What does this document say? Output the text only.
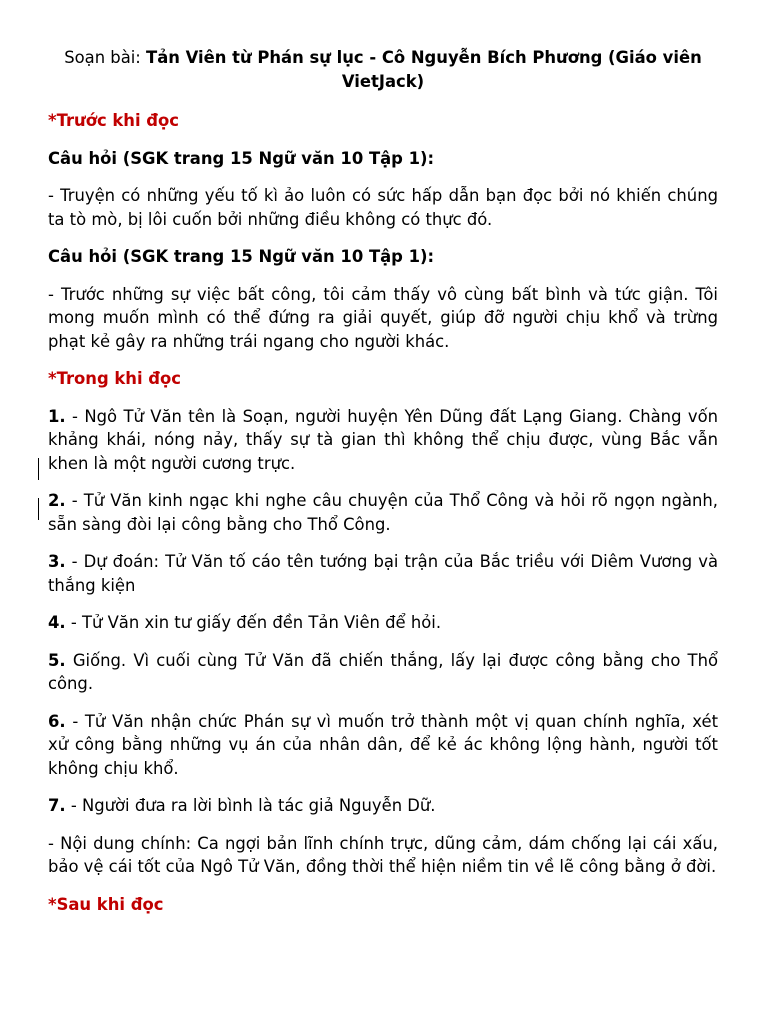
Soạn bài: Tản Viên từ Phán sự lục - Cô Nguyễn Bích Phương (Giáo viên VietJack)
*Trước khi đọc
Câu hỏi (SGK trang 15 Ngữ văn 10 Tập 1):

- Truyện có những yếu tố kì ảo luôn có sức hấp dẫn bạn đọc bởi nó khiến chúng ta tò mò, bị lôi cuốn bởi những điều không có thực đó.

Câu hỏi (SGK trang 15 Ngữ văn 10 Tập 1):

- Trước những sự việc bất công, tôi cảm thấy vô cùng bất bình và tức giận. Tôi mong muốn mình có thể đứng ra giải quyết, giúp đỡ người chịu khổ và trừng phạt kẻ gây ra những trái ngang cho người khác.

*Trong khi đọc

1. - Ngô Tử Văn tên là Soạn, người huyện Yên Dũng đất Lạng Giang. Chàng vốn khảng khái, nóng nảy, thấy sự tà gian thì không thể chịu được, vùng Bắc vẫn khen là một người cương trực.

2. - Tử Văn kinh ngạc khi nghe câu chuyện của Thổ Công và hỏi rõ ngọn ngành, sẵn sàng đòi lại công bằng cho Thổ Công.

3. - Dự đoán: Tử Văn tố cáo tên tướng bại trận của Bắc triều với Diêm Vương và thắng kiện

4. - Tử Văn xin tư giấy đến đền Tản Viên để hỏi.

5. Giống. Vì cuối cùng Tử Văn đã chiến thắng, lấy lại được công bằng cho Thổ công.

6. - Tử Văn nhận chức Phán sự vì muốn trở thành một vị quan chính nghĩa, xét xử công bằng những vụ án của nhân dân, để kẻ ác không lộng hành, người tốt không chịu khổ.

7. - Người đưa ra lời bình là tác giả Nguyễn Dữ.

- Nội dung chính: Ca ngợi bản lĩnh chính trực, dũng cảm, dám chống lại cái xấu, bảo vệ cái tốt của Ngô Tử Văn, đồng thời thể hiện niềm tin về lẽ công bằng ở đời.

*Sau khi đọc
